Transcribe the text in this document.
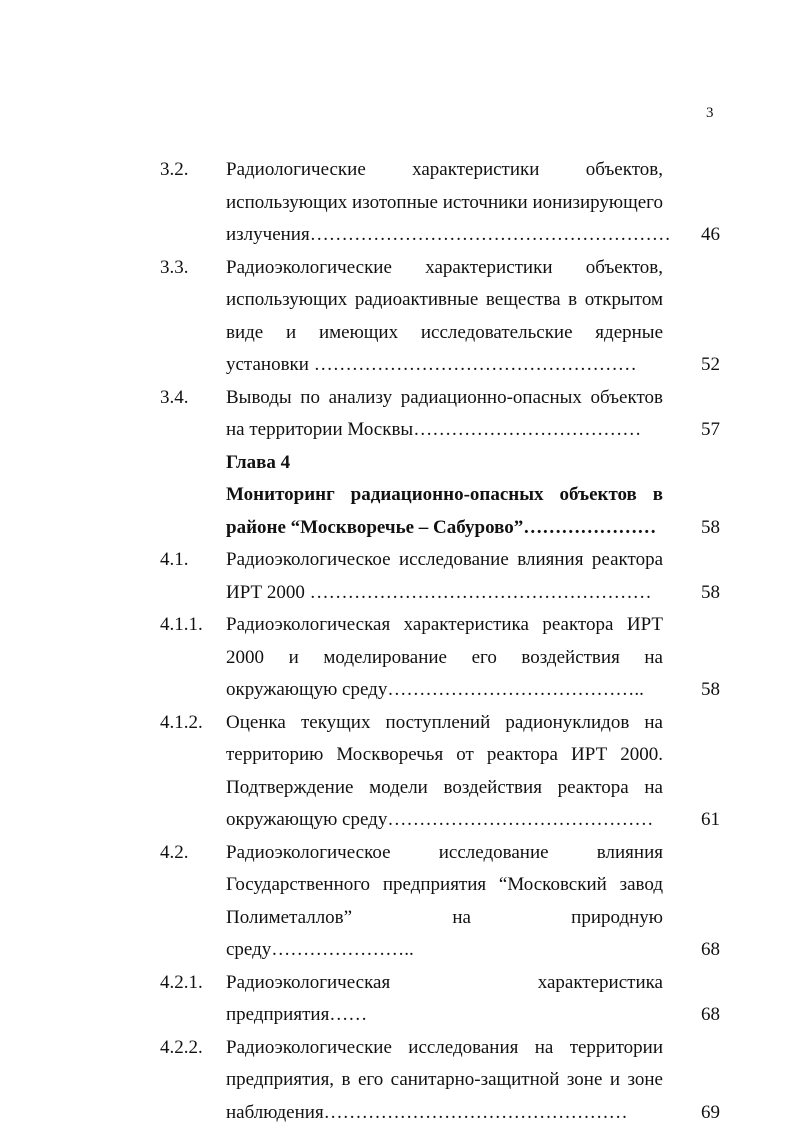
3
3.2. Радиологические характеристики объектов, использующих изотопные источники ионизирующего излучения………………………………………………… 46
3.3. Радиоэкологические характеристики объектов, использующих радиоактивные вещества в открытом виде и имеющих исследовательские ядерные установки ……………………………………………	52
3.4. Выводы по анализу радиационно-опасных объектов на территории Москвы………………………………	57
Глава 4
Мониторинг радиационно-опасных объектов в районе “Москворечье – Сабурово”…………………	58
4.1. Радиоэкологическое исследование влияния реактора ИРТ 2000 ………………………………………………	58
4.1.1. Радиоэкологическая характеристика реактора ИРТ 2000 и моделирование его воздействия на окружающую среду…………………………………..	58
4.1.2. Оценка текущих поступлений радионуклидов на территорию Москворечья от реактора ИРТ 2000. Подтверждение модели воздействия реактора на окружающую среду……………………………………	61
4.2. Радиоэкологическое исследование влияния Государственного предприятия “Московский завод Полиметаллов” на природную среду…………………..	68
4.2.1. Радиоэкологическая характеристика предприятия……	68
4.2.2. Радиоэкологические исследования на территории предприятия, в его санитарно-защитной зоне и зоне наблюдения…………………………………………	69
